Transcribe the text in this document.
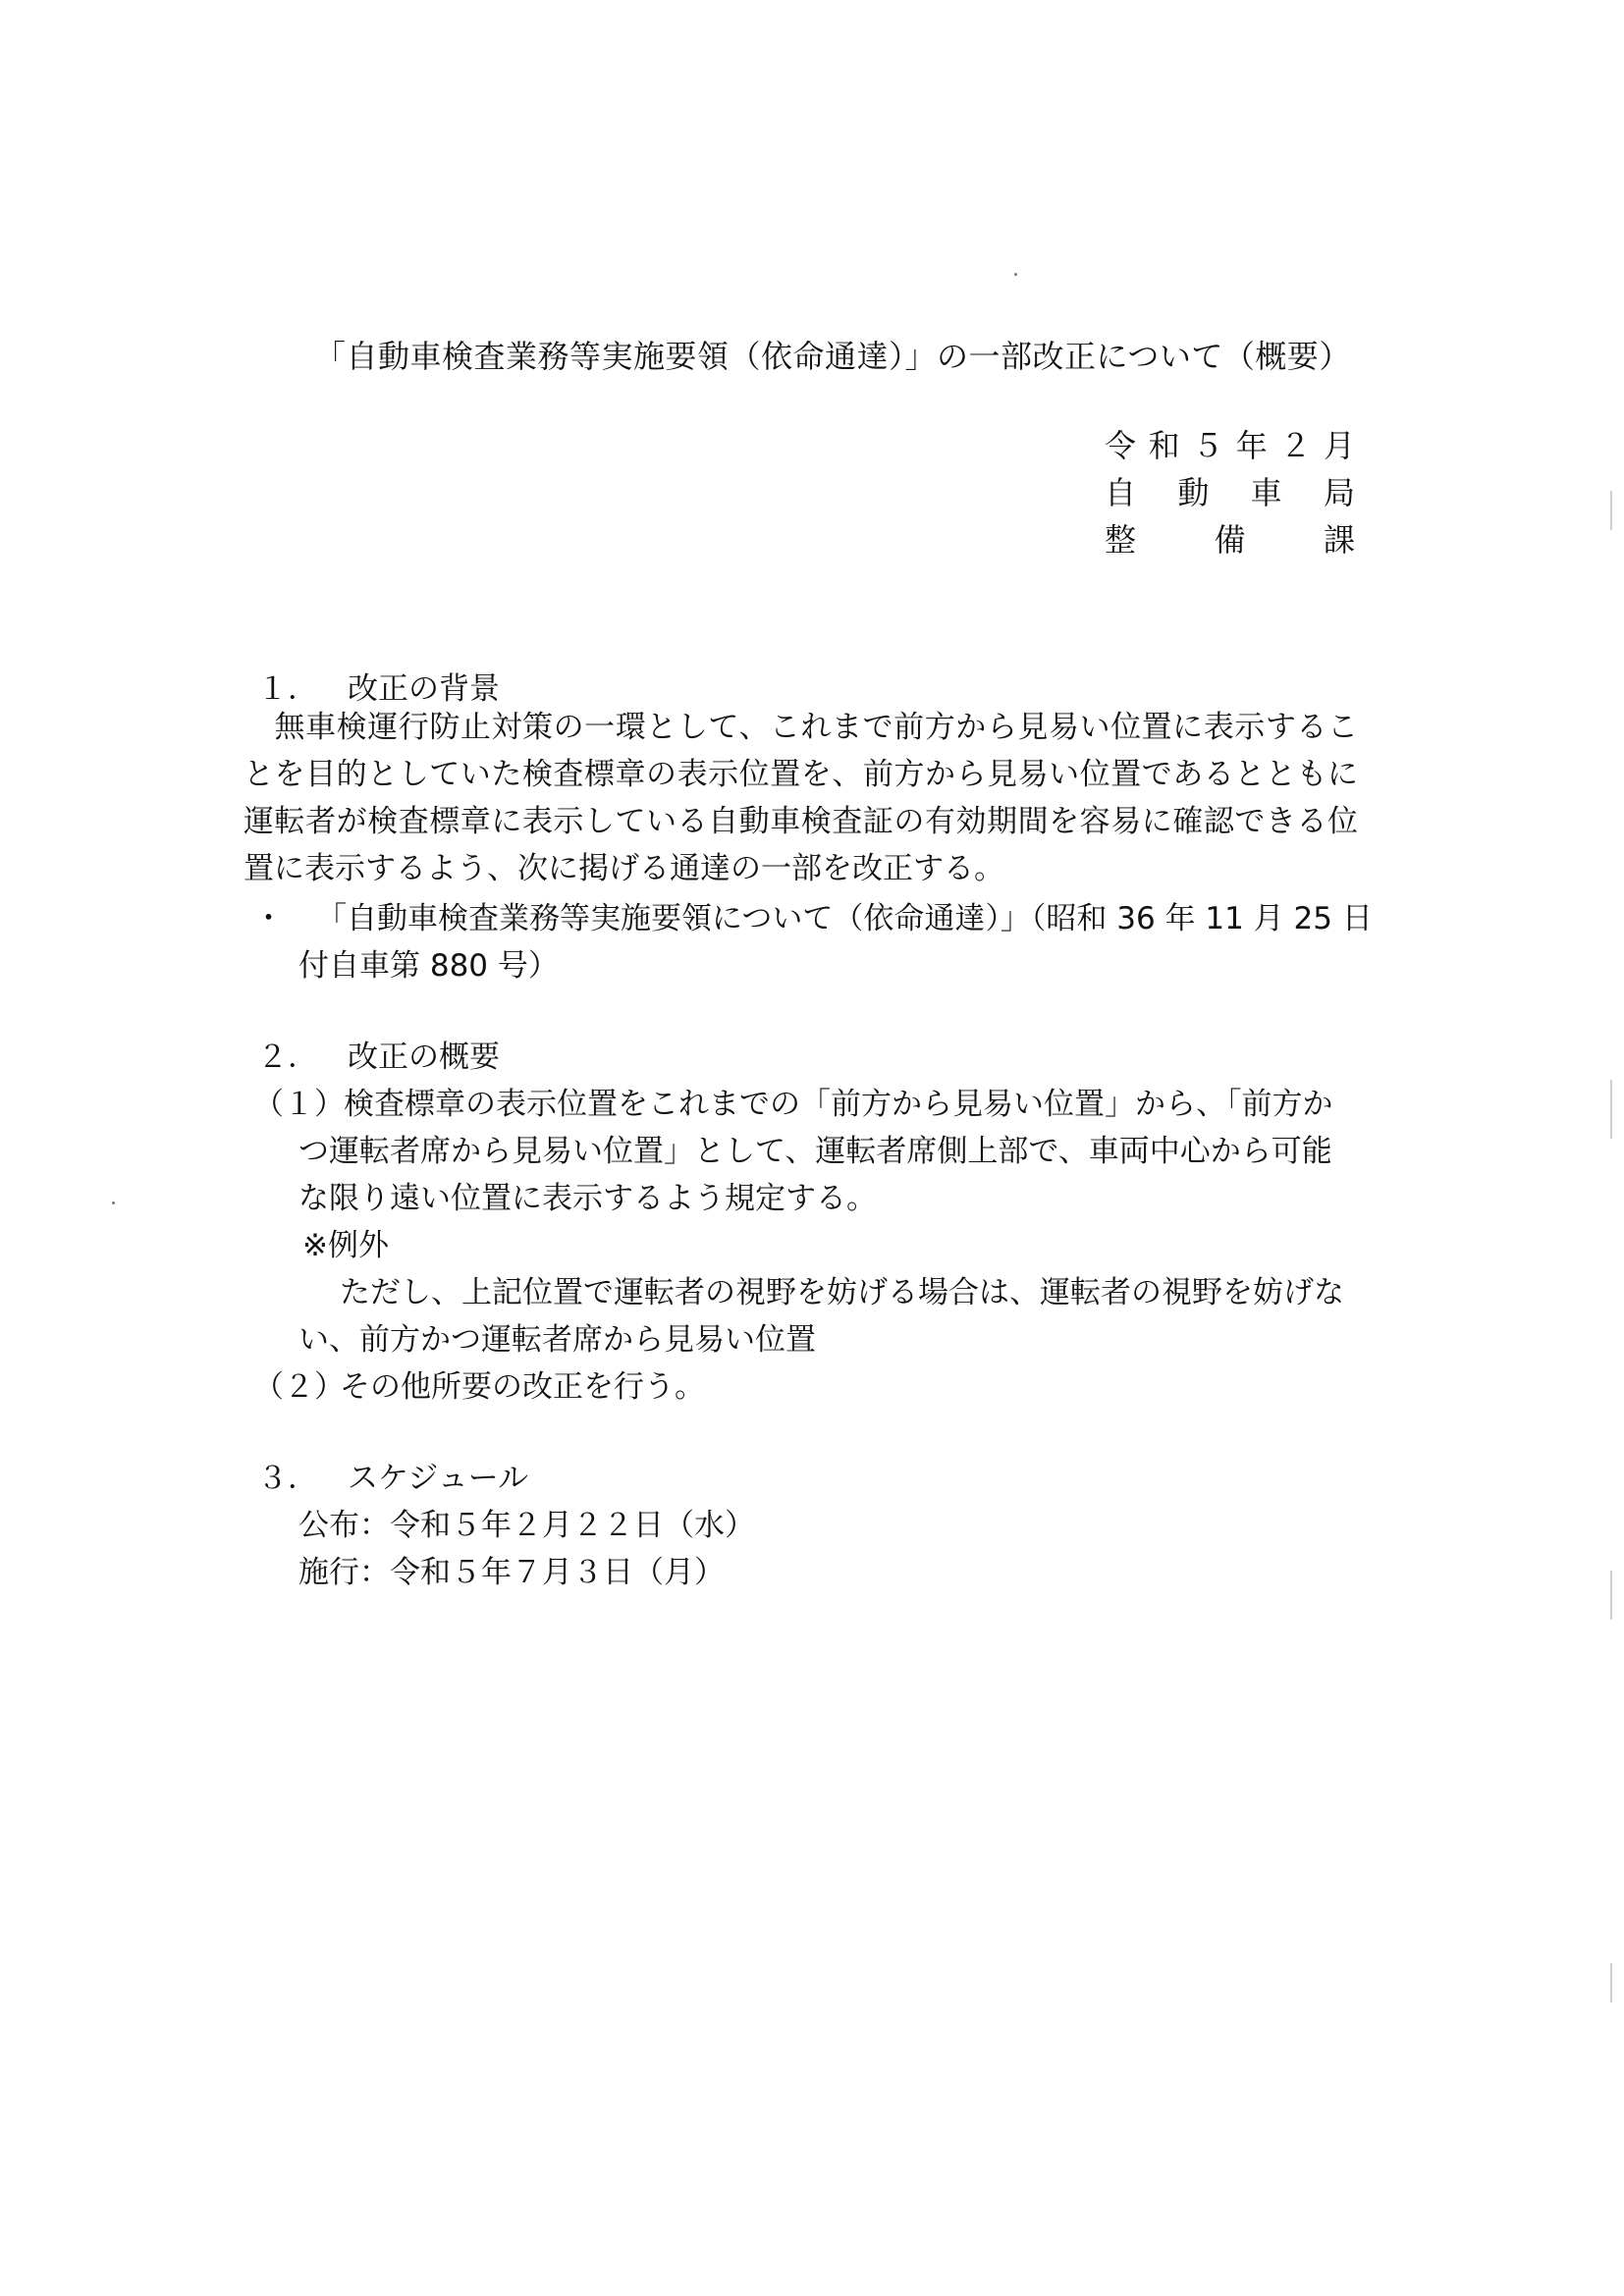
「自動車検査業務等実施要領（依命通達）」の一部改正について（概要）
令 和 ５ 年 ２ 月
自 動 車 局
整 備 課
１． 改正の背景
　無車検運行防止対策の一環として、これまで前方から見易い位置に表示することを目的としていた検査標章の表示位置を、前方から見易い位置であるとともに運転者が検査標章に表示している自動車検査証の有効期間を容易に確認できる位置に表示するよう、次に掲げる通達の一部を改正する。
・ 「自動車検査業務等実施要領について（依命通達）」（昭和 36 年 11 月 25 日
付自車第 880 号）
２． 改正の概要
（１） 検査標章の表示位置をこれまでの「前方から見易い位置」から、「前方か
つ運転者席から見易い位置」として、運転者席側上部で、車両中心から可能
な限り遠い位置に表示するよう規定する。
※例外
ただし、上記位置で運転者の視野を妨げる場合は、運転者の視野を妨げな
い、前方かつ運転者席から見易い位置
（２）
その他所要の改正を行う。
３． スケジュール
公布：令和５年２月２２日（水）
施行：令和５年７月３日（月）
